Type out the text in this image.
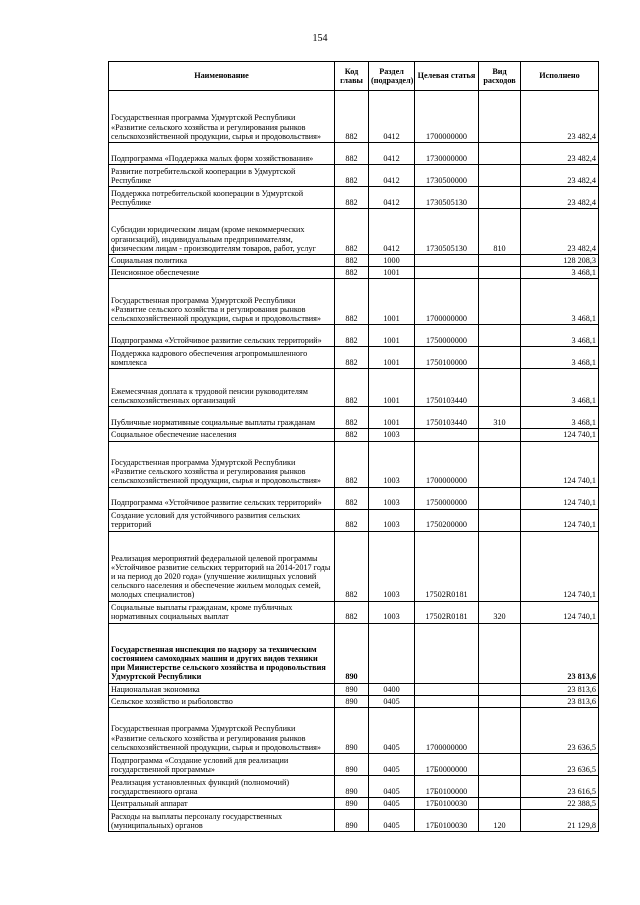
154
Наименование	Код главы	Раздел (подраздел)	Целевая статья	Вид расходов	Исполнено
Государственная программа Удмуртской Республики «Развитие сельского хозяйства и регулирования рынков сельскохозяйственной продукции, сырья и продовольствия»	882	0412	1700000000		23 482,4
Подпрограмма «Поддержка малых форм хозяйствования»	882	0412	1730000000		23 482,4
Развитие потребительской кооперации в Удмуртской Республике	882	0412	1730500000		23 482,4
Поддержка потребительской кооперации в Удмуртской Республике	882	0412	1730505130		23 482,4
Субсидии юридическим лицам (кроме некоммерческих организаций), индивидуальным предпринимателям, физическим лицам - производителям товаров, работ, услуг	882	0412	1730505130	810	23 482,4
Социальная политика	882	1000			128 208,3
Пенсионное обеспечение	882	1001			3 468,1
Государственная программа Удмуртской Республики «Развитие сельского хозяйства и регулирования рынков сельскохозяйственной продукции, сырья и продовольствия»	882	1001	1700000000		3 468,1
Подпрограмма «Устойчивое развитие сельских территорий»	882	1001	1750000000		3 468,1
Поддержка кадрового обеспечения агропромышленного комплекса	882	1001	1750100000		3 468,1
Ежемесячная доплата к трудовой пенсии руководителям сельскохозяйственных организаций	882	1001	1750103440		3 468,1
Публичные нормативные социальные выплаты гражданам	882	1001	1750103440	310	3 468,1
Социальное обеспечение населения	882	1003			124 740,1
Государственная программа Удмуртской Республики «Развитие сельского хозяйства и регулирования рынков сельскохозяйственной продукции, сырья и продовольствия»	882	1003	1700000000		124 740,1
Подпрограмма «Устойчивое развитие сельских территорий»	882	1003	1750000000		124 740,1
Создание условий для устойчивого развития сельских территорий	882	1003	1750200000		124 740,1
Реализация мероприятий федеральной целевой программы «Устойчивое развитие сельских территорий на 2014-2017 годы и на период до 2020 года» (улучшение жилищных условий сельского населения и обеспечение жильем молодых семей, молодых специалистов)	882	1003	17502R0181		124 740,1
Социальные выплаты гражданам, кроме публичных нормативных социальных выплат	882	1003	17502R0181	320	124 740,1
Государственная инспекция по надзору за техническим состоянием самоходных машин и других видов техники при Министерстве сельского хозяйства и продовольствия Удмуртской Республики	890				23 813,6
Национальная экономика	890	0400			23 813,6
Сельское хозяйство и рыболовство	890	0405			23 813,6
Государственная программа Удмуртской Республики «Развитие сельского хозяйства и регулирования рынков сельскохозяйственной продукции, сырья и продовольствия»	890	0405	1700000000		23 636,5
Подпрограмма «Создание условий для реализации государственной программы»	890	0405	17Б0000000		23 636,5
Реализация установленных функций (полномочий) государственного органа	890	0405	17Б0100000		23 616,5
Центральный аппарат	890	0405	17Б0100030		22 388,5
Расходы на выплаты персоналу государственных (муниципальных) органов	890	0405	17Б0100030	120	21 129,8
